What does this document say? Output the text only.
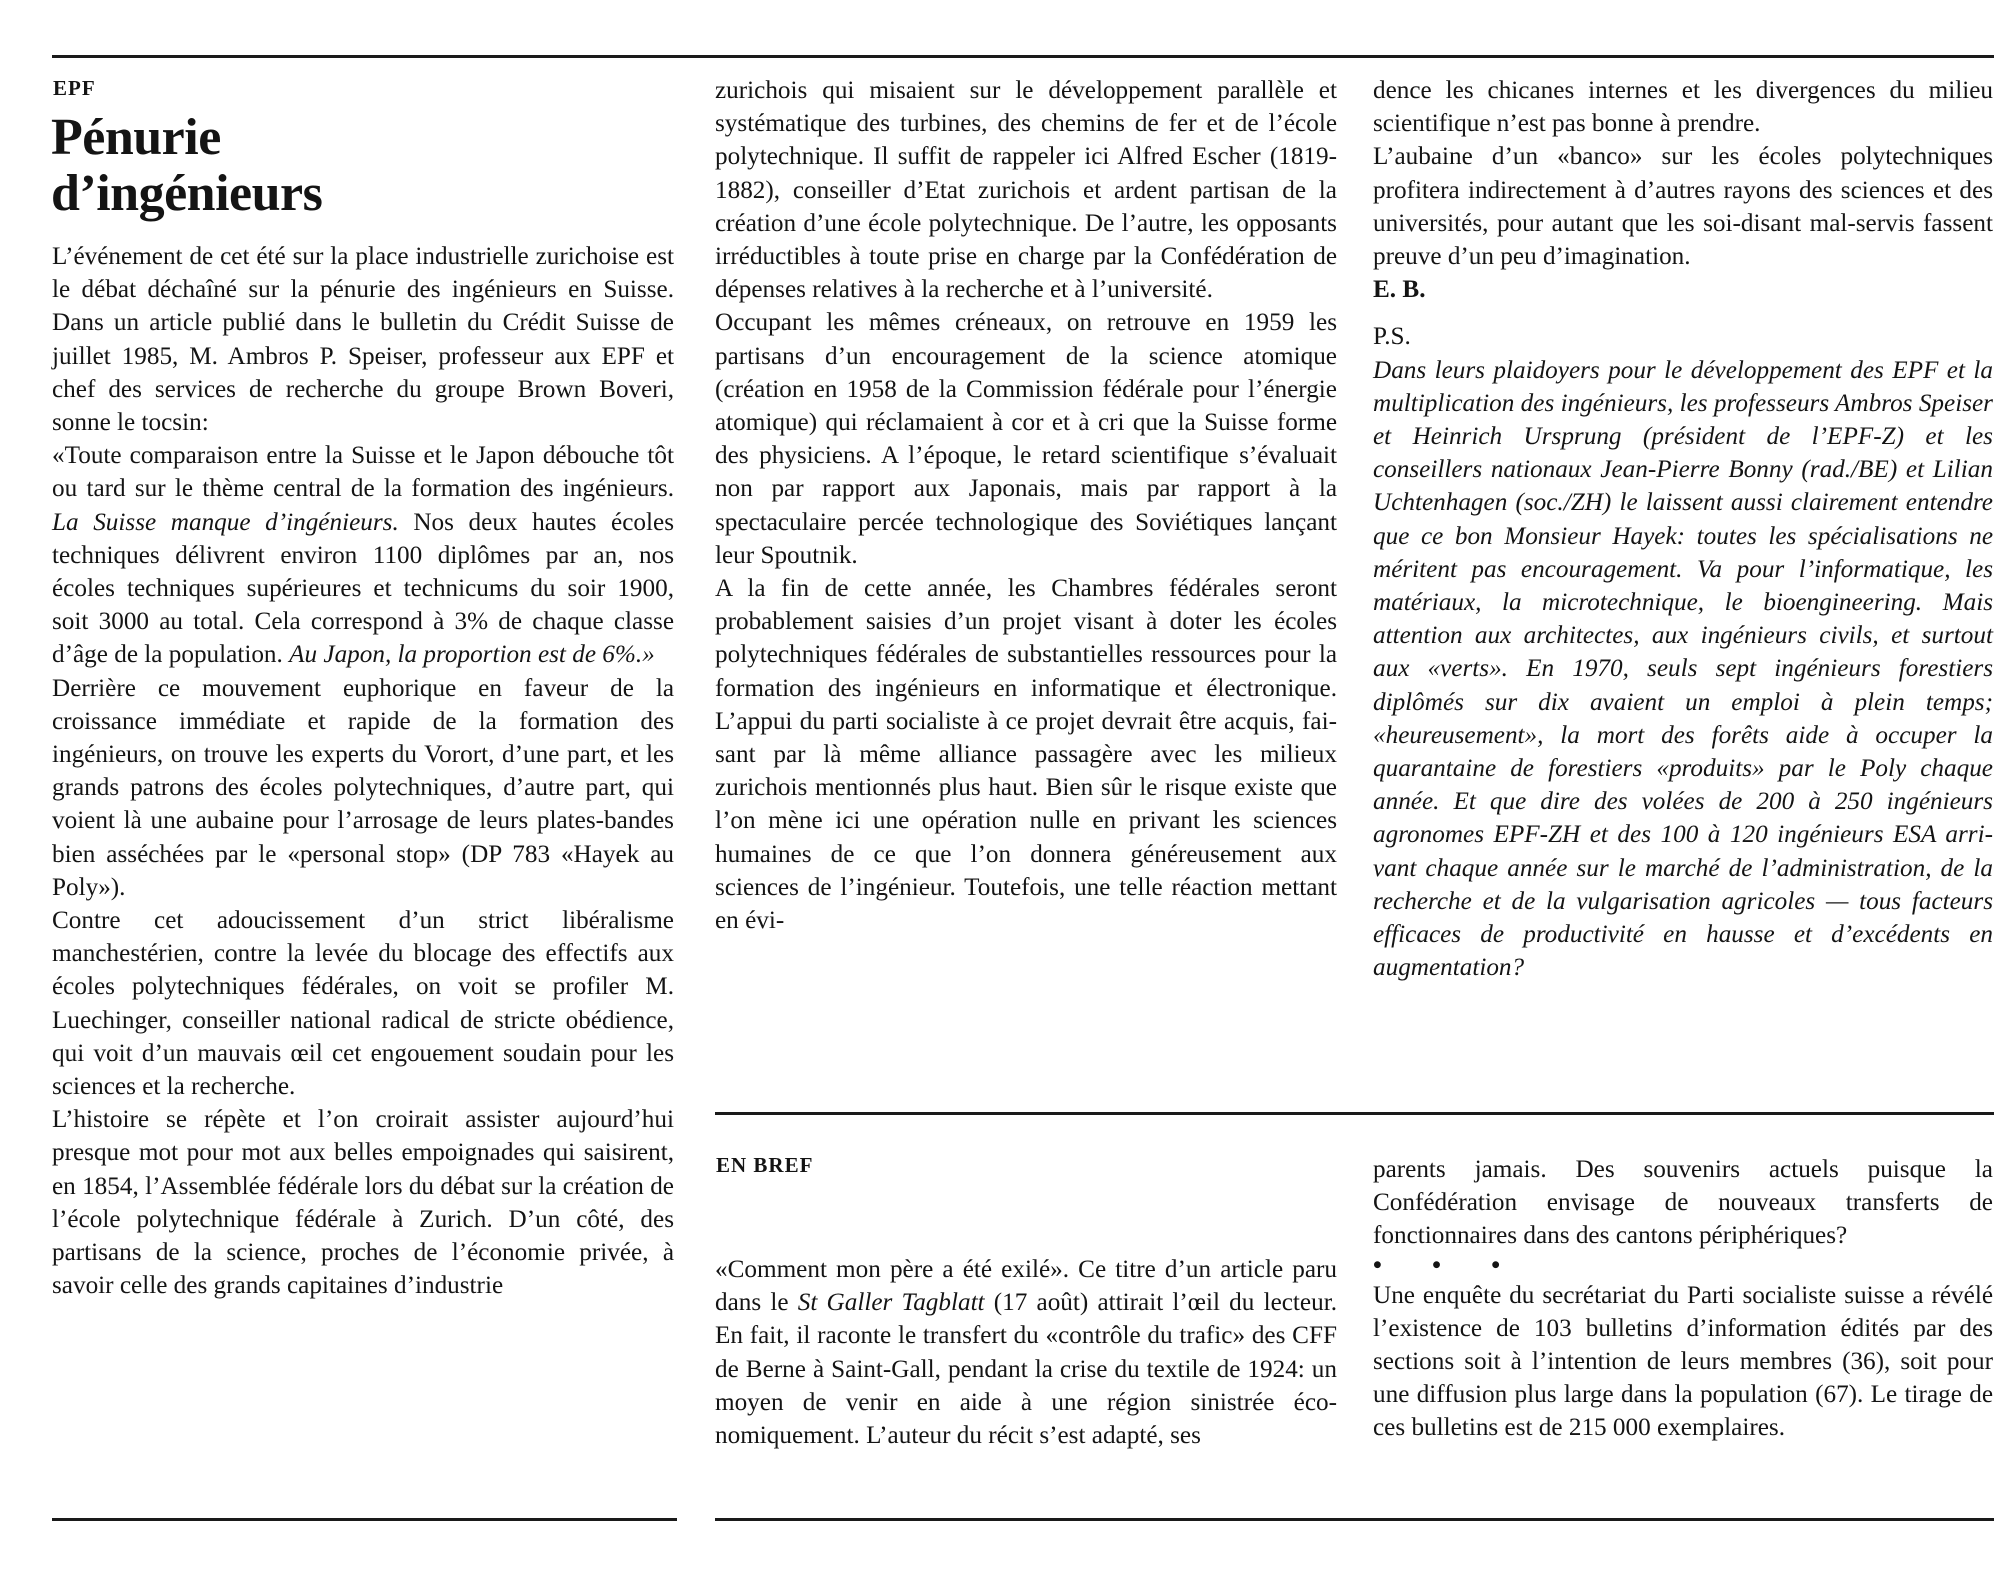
EPF
Pénurie
d’ingénieurs

L’événement de cet été sur la place industrielle zurichoise est le débat déchaîné sur la pénurie des ingénieurs en Suisse. Dans un article publié dans le bulletin du Crédit Suisse de juillet 1985, M. Ambros P. Speiser, professeur aux EPF et chef des services de recherche du groupe Brown Boveri, sonne le tocsin:

«Toute comparaison entre la Suisse et le Japon débouche tôt ou tard sur le thème central de la formation des ingénieurs. La Suisse manque d’ingénieurs. Nos deux hautes écoles techniques délivrent environ 1100 diplômes par an, nos écoles techniques supérieures et technicums du soir 1900, soit 3000 au total. Cela correspond à 3% de chaque classe d’âge de la population. Au Japon, la proportion est de 6%.»

Derrière ce mouvement euphorique en faveur de la croissance immédiate et rapide de la formation des ingénieurs, on trouve les experts du Vorort, d’une part, et les grands patrons des écoles polytechniques, d’autre part, qui voient là une aubaine pour l’arrosage de leurs plates-bandes bien asséchées par le «personal stop» (DP 783 «Hayek au Poly»).

Contre cet adoucissement d’un strict libéralisme manchestérien, contre la levée du blocage des effectifs aux écoles polytechniques fédérales, on voit se profiler M. Luechinger, conseiller national radical de stricte obédience, qui voit d’un mauvais œil cet engouement soudain pour les sciences et la recherche.

L’histoire se répète et l’on croirait assister aujourd’hui presque mot pour mot aux belles empoignades qui saisirent, en 1854, l’Assemblée fédérale lors du débat sur la création de l’école polytechnique fédérale à Zurich. D’un côté, des partisans de la science, proches de l’économie privée, à savoir celle des grands capitaines d’industrie

zurichois qui misaient sur le développement parallèle et systématique des turbines, des chemins de fer et de l’école polytechnique. Il suffit de rappeler ici Alfred Escher (1819-1882), conseiller d’Etat zurichois et ardent partisan de la création d’une école polytechnique. De l’autre, les opposants irréductibles à toute prise en charge par la Confédération de dépenses relatives à la recherche et à l’université.

Occupant les mêmes créneaux, on retrouve en 1959 les partisans d’un encouragement de la science atomique (création en 1958 de la Commission fédérale pour l’énergie atomique) qui réclamaient à cor et à cri que la Suisse forme des physiciens. A l’époque, le retard scientifique s’évaluait non par rapport aux Japonais, mais par rapport à la spectaculaire percée technologique des Soviétiques lançant leur Spoutnik.

A la fin de cette année, les Chambres fédérales seront probablement saisies d’un projet visant à doter les écoles polytechniques fédérales de substantielles ressources pour la formation des ingénieurs en informatique et électronique. L’appui du parti socialiste à ce projet devrait être acquis, faisant par là même alliance passagère avec les milieux zurichois mentionnés plus haut. Bien sûr le risque existe que l’on mène ici une opération nulle en privant les sciences humaines de ce que l’on donnera généreusement aux sciences de l’ingénieur. Toutefois, une telle réaction mettant en évi-

dence les chicanes internes et les divergences du milieu scientifique n’est pas bonne à prendre.

L’aubaine d’un «banco» sur les écoles polytechniques profitera indirectement à d’autres rayons des sciences et des universités, pour autant que les soi-disant mal-servis fassent preuve d’un peu d’imagination.

E. B.

P.S.

Dans leurs plaidoyers pour le développement des EPF et la multiplication des ingénieurs, les professeurs Ambros Speiser et Heinrich Ursprung (président de l’EPF-Z) et les conseillers nationaux Jean-Pierre Bonny (rad./BE) et Lilian Uchtenhagen (soc./ZH) le laissent aussi clairement entendre que ce bon Monsieur Hayek: toutes les spécialisations ne méritent pas encouragement. Va pour l’informatique, les matériaux, la microtechnique, le bioengineering. Mais attention aux architectes, aux ingénieurs civils, et surtout aux «verts». En 1970, seuls sept ingénieurs forestiers diplômés sur dix avaient un emploi à plein temps; «heureusement», la mort des forêts aide à occuper la quarantaine de forestiers «produits» par le Poly chaque année. Et que dire des volées de 200 à 250 ingénieurs agronomes EPF-ZH et des 100 à 120 ingénieurs ESA arrivant chaque année sur le marché de l’administration, de la recherche et de la vulgarisation agricoles — tous facteurs efficaces de productivité en hausse et d’excédents en augmentation?

EN BREF

«Comment mon père a été exilé». Ce titre d’un article paru dans le St Galler Tagblatt (17 août) attirait l’œil du lecteur. En fait, il raconte le transfert du «contrôle du trafic» des CFF de Berne à Saint-Gall, pendant la crise du textile de 1924: un moyen de venir en aide à une région sinistrée économiquement. L’auteur du récit s’est adapté, ses

parents jamais. Des souvenirs actuels puisque la Confédération envisage de nouveaux transferts de fonctionnaires dans des cantons périphériques?

• • •

Une enquête du secrétariat du Parti socialiste suisse a révélé l’existence de 103 bulletins d’information édités par des sections soit à l’intention de leurs membres (36), soit pour une diffusion plus large dans la population (67). Le tirage de ces bulletins est de 215 000 exemplaires.
